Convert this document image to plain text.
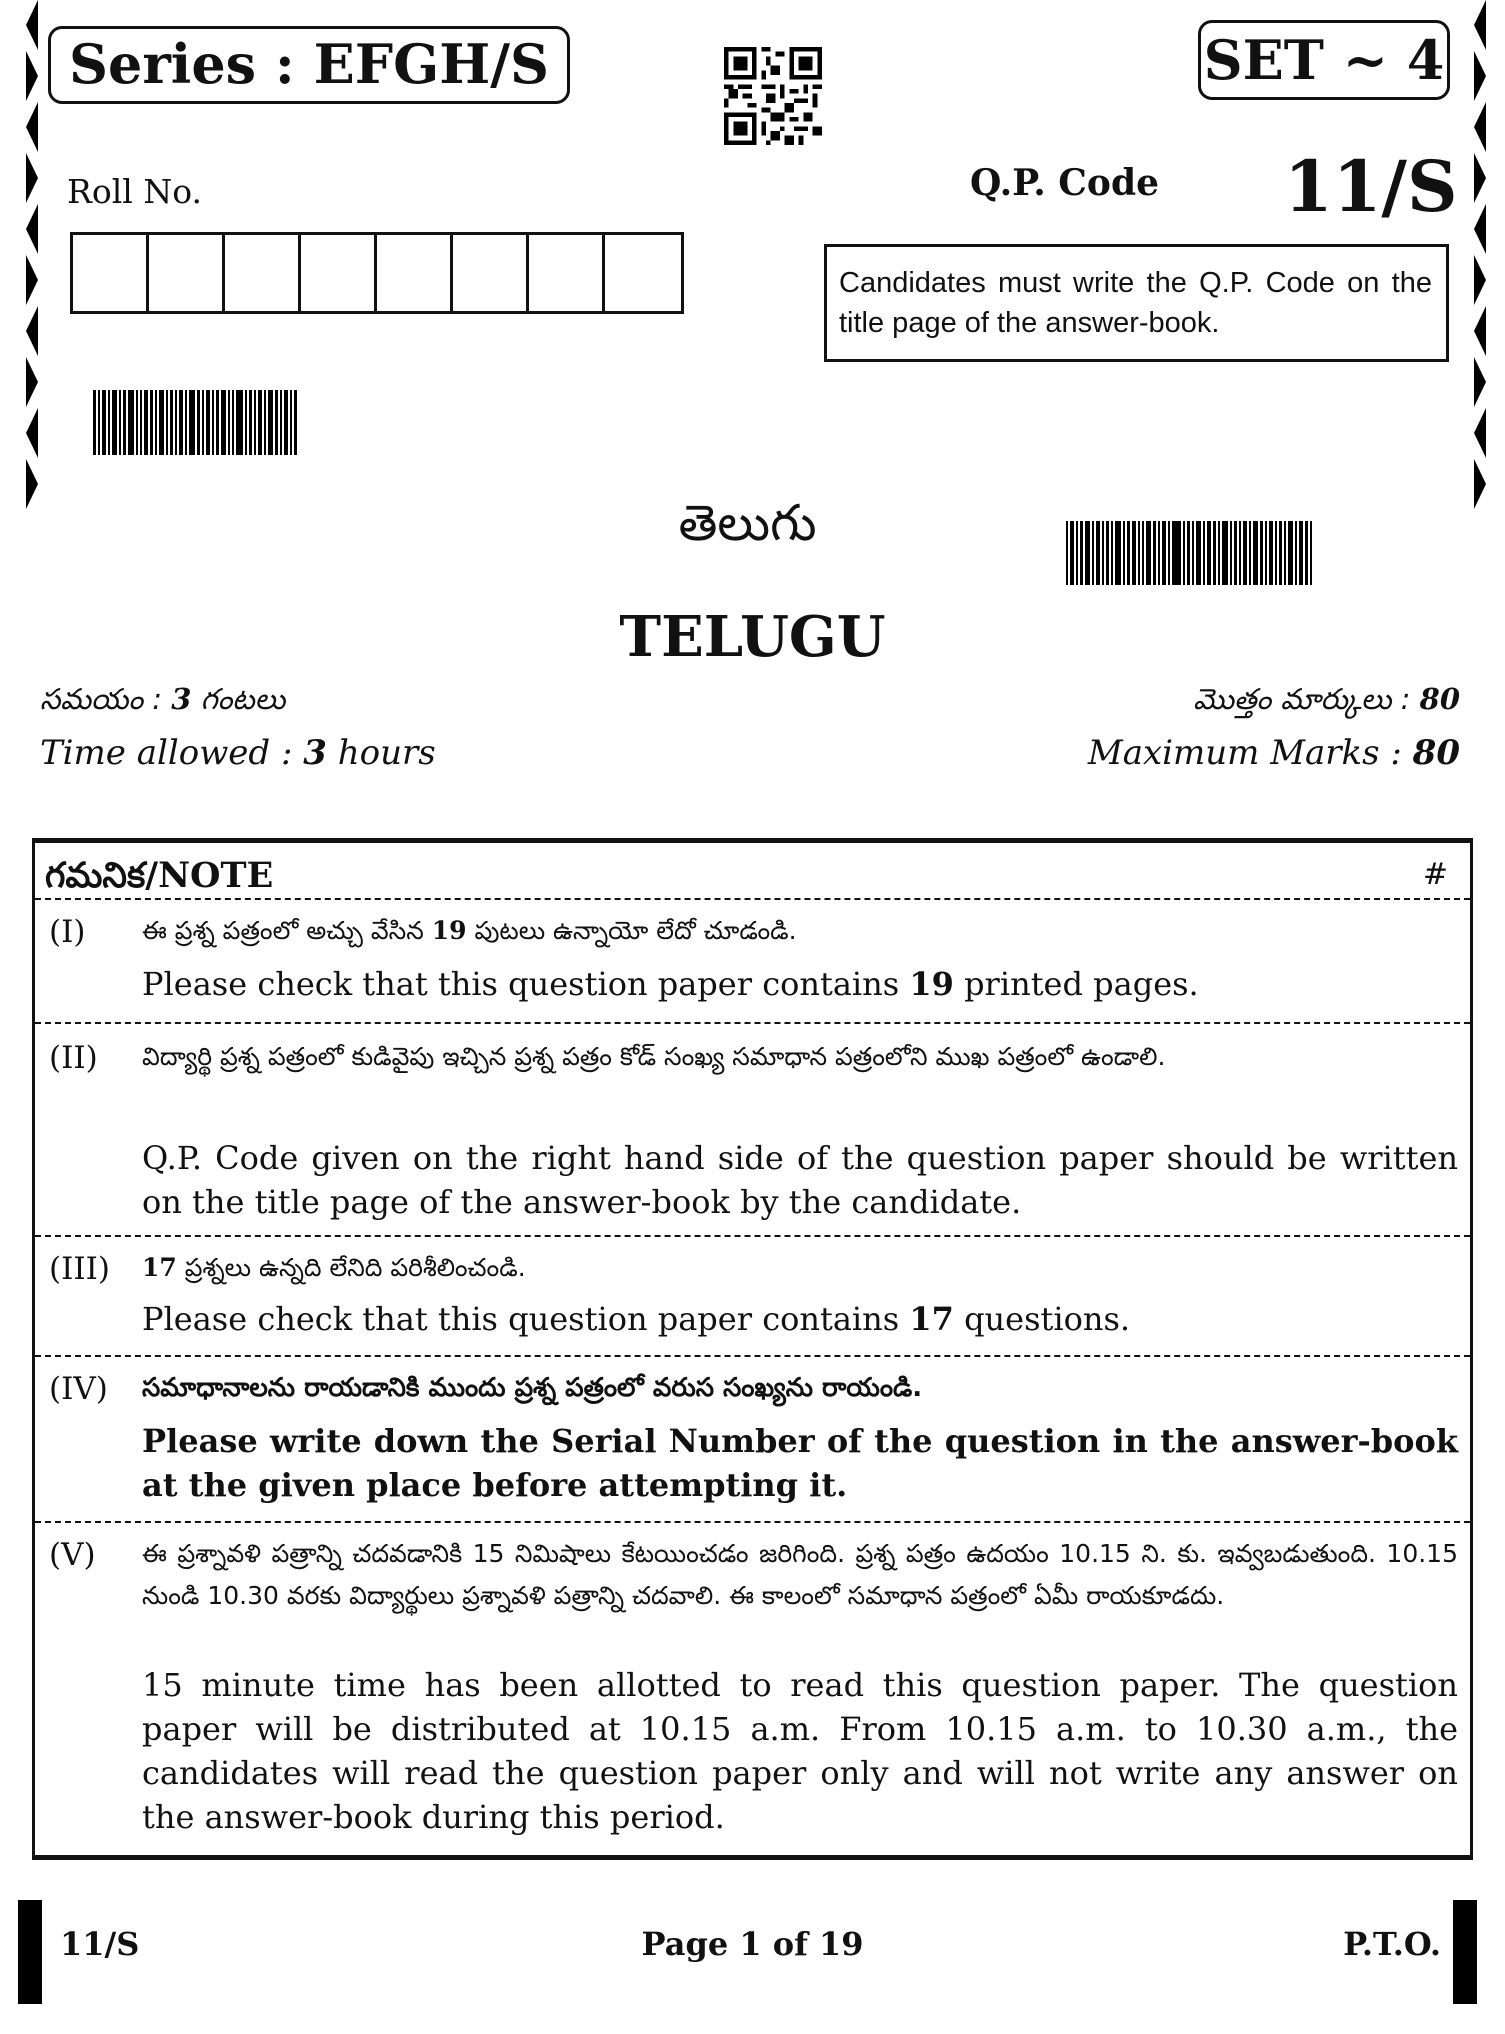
Series : EFGH/S	SET ~ 4
Roll No.	Q.P. Code 11/S
Candidates must write the Q.P. Code on the title page of the answer-book.
తెలుగు
TELUGU
సమయం : 3 గంటలు
Time allowed : 3 hours
మొత్తం మార్కులు : 80
Maximum Marks : 80
గమనిక/NOTE	#
(I) ఈ ప్రశ్న పత్రంలో అచ్చు వేసిన 19 పుటలు ఉన్నాయో లేదో చూడండి.
Please check that this question paper contains 19 printed pages.
(II) విద్యార్థి ప్రశ్న పత్రంలో కుడివైపు ఇచ్చిన ప్రశ్న పత్రం కోడ్ సంఖ్య సమాధాన పత్రంలోని ముఖ పత్రంలో ఉండాలి.
Q.P. Code given on the right hand side of the question paper should be written on the title page of the answer-book by the candidate.
(III) 17 ప్రశ్నలు ఉన్నది లేనిది పరిశీలించండి.
Please check that this question paper contains 17 questions.
(IV) సమాధానాలను రాయడానికి ముందు ప్రశ్న పత్రంలో వరుస సంఖ్యను రాయండి.
Please write down the Serial Number of the question in the answer-book at the given place before attempting it.
(V) ఈ ప్రశ్నావళి పత్రాన్ని చదవడానికి 15 నిమిషాలు కేటయించడం జరిగింది. ప్రశ్న పత్రం ఉదయం 10.15 ని. కు. ఇవ్వబడుతుంది. 10.15 నుండి 10.30 వరకు విద్యార్థులు ప్రశ్నావళి పత్రాన్ని చదవాలి. ఈ కాలంలో సమాధాన పత్రంలో ఏమీ రాయకూడదు.
15 minute time has been allotted to read this question paper. The question paper will be distributed at 10.15 a.m. From 10.15 a.m. to 10.30 a.m., the candidates will read the question paper only and will not write any answer on the answer-book during this period.
11/S	Page 1 of 19	P.T.O.
